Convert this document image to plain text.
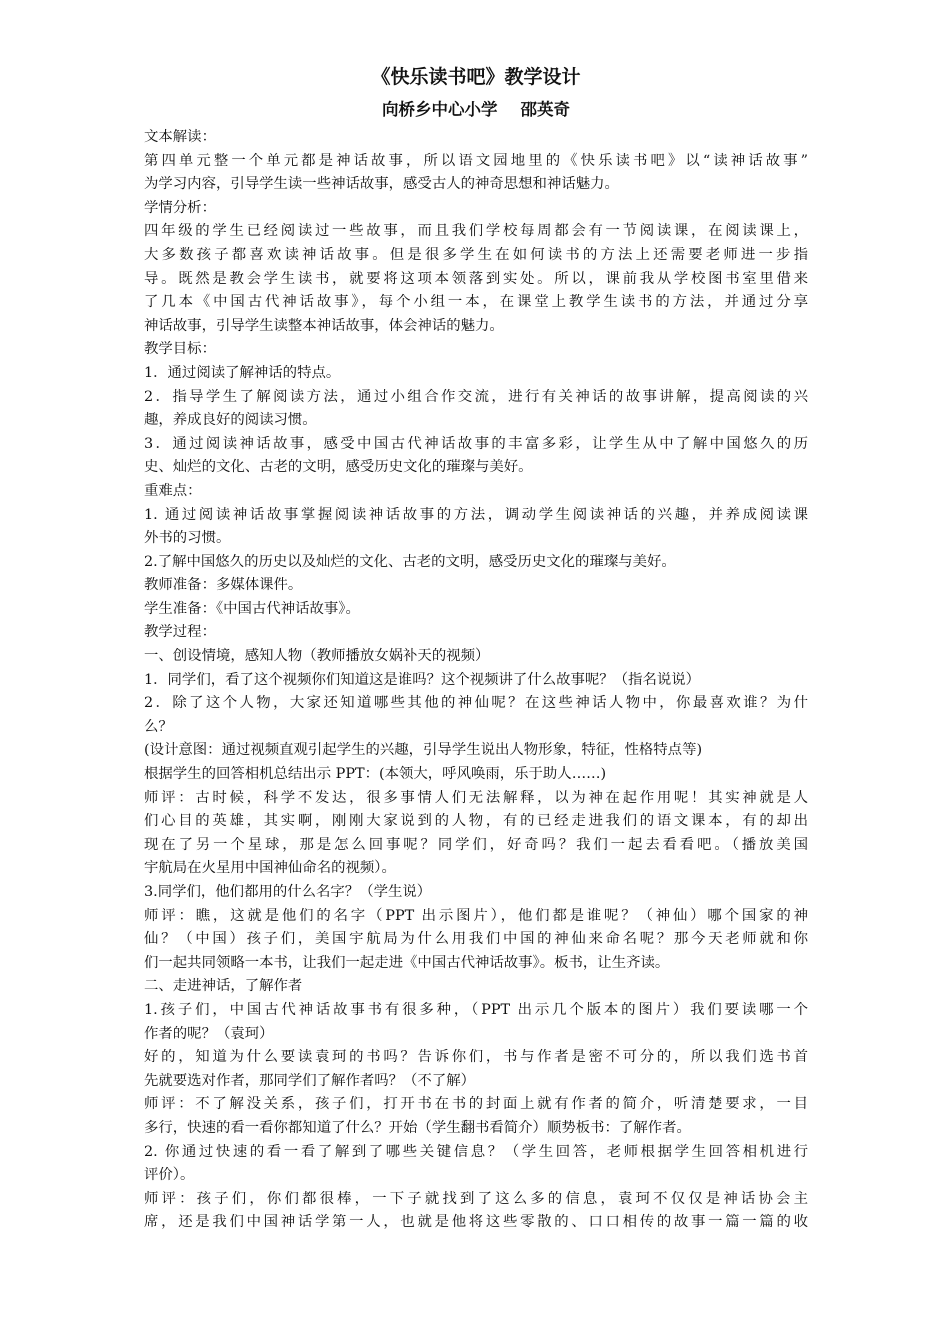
《快乐读书吧》教学设计
向桥乡中心小学    邵英奇
文本解读：
第四单元整一个单元都是神话故事，所以语文园地里的《快乐读书吧》以“读神话故事”
为学习内容，引导学生读一些神话故事，感受古人的神奇思想和神话魅力。
学情分析：
四年级的学生已经阅读过一些故事，而且我们学校每周都会有一节阅读课，在阅读课上，
大多数孩子都喜欢读神话故事。但是很多学生在如何读书的方法上还需要老师进一步指
导。既然是教会学生读书，就要将这项本领落到实处。所以，课前我从学校图书室里借来
了几本《中国古代神话故事》，每个小组一本，在课堂上教学生读书的方法，并通过分享
神话故事，引导学生读整本神话故事，体会神话的魅力。
教学目标：
1．通过阅读了解神话的特点。
2．指导学生了解阅读方法，通过小组合作交流，进行有关神话的故事讲解，提高阅读的兴
趣，养成良好的阅读习惯。
3．通过阅读神话故事，感受中国古代神话故事的丰富多彩，让学生从中了解中国悠久的历
史、灿烂的文化、古老的文明，感受历史文化的璀璨与美好。
重难点：
1. 通过阅读神话故事掌握阅读神话故事的方法，调动学生阅读神话的兴趣，并养成阅读课
外书的习惯。
2.了解中国悠久的历史以及灿烂的文化、古老的文明，感受历史文化的璀璨与美好。
教师准备：多媒体课件。
学生准备：《中国古代神话故事》。
教学过程：
一、创设情境，感知人物（教师播放女娲补天的视频）
1．同学们，看了这个视频你们知道这是谁吗？这个视频讲了什么故事呢？（指名说说）
2．除了这个人物，大家还知道哪些其他的神仙呢？在这些神话人物中，你最喜欢谁？为什
么？
(设计意图：通过视频直观引起学生的兴趣，引导学生说出人物形象，特征，性格特点等)
根据学生的回答相机总结出示 PPT：(本领大，呼风唤雨，乐于助人……)
师评：古时候，科学不发达，很多事情人们无法解释，以为神在起作用呢！其实神就是人
们心目的英雄，其实啊，刚刚大家说到的人物，有的已经走进我们的语文课本，有的却出
现在了另一个星球，那是怎么回事呢？同学们，好奇吗？我们一起去看看吧。（播放美国
宇航局在火星用中国神仙命名的视频）。
3.同学们，他们都用的什么名字？（学生说）
师评：瞧，这就是他们的名字（PPT 出示图片），他们都是谁呢？（神仙）哪个国家的神
仙？（中国）孩子们，美国宇航局为什么用我们中国的神仙来命名呢？那今天老师就和你
们一起共同领略一本书，让我们一起走进《中国古代神话故事》。板书，让生齐读。
二、走进神话，了解作者
1.孩子们，中国古代神话故事书有很多种，（PPT 出示几个版本的图片）我们要读哪一个
作者的呢？（袁珂）
好的，知道为什么要读袁珂的书吗？告诉你们，书与作者是密不可分的，所以我们选书首
先就要选对作者，那同学们了解作者吗？（不了解）
师评：不了解没关系，孩子们，打开书在书的封面上就有作者的简介，听清楚要求，一目
多行，快速的看一看你都知道了什么？开始（学生翻书看简介）顺势板书：了解作者。
2. 你通过快速的看一看了解到了哪些关键信息？（学生回答，老师根据学生回答相机进行
评价）。
师评：孩子们，你们都很棒，一下子就找到了这么多的信息，袁珂不仅仅是神话协会主
席，还是我们中国神话学第一人，也就是他将这些零散的、口口相传的故事一篇一篇的收
